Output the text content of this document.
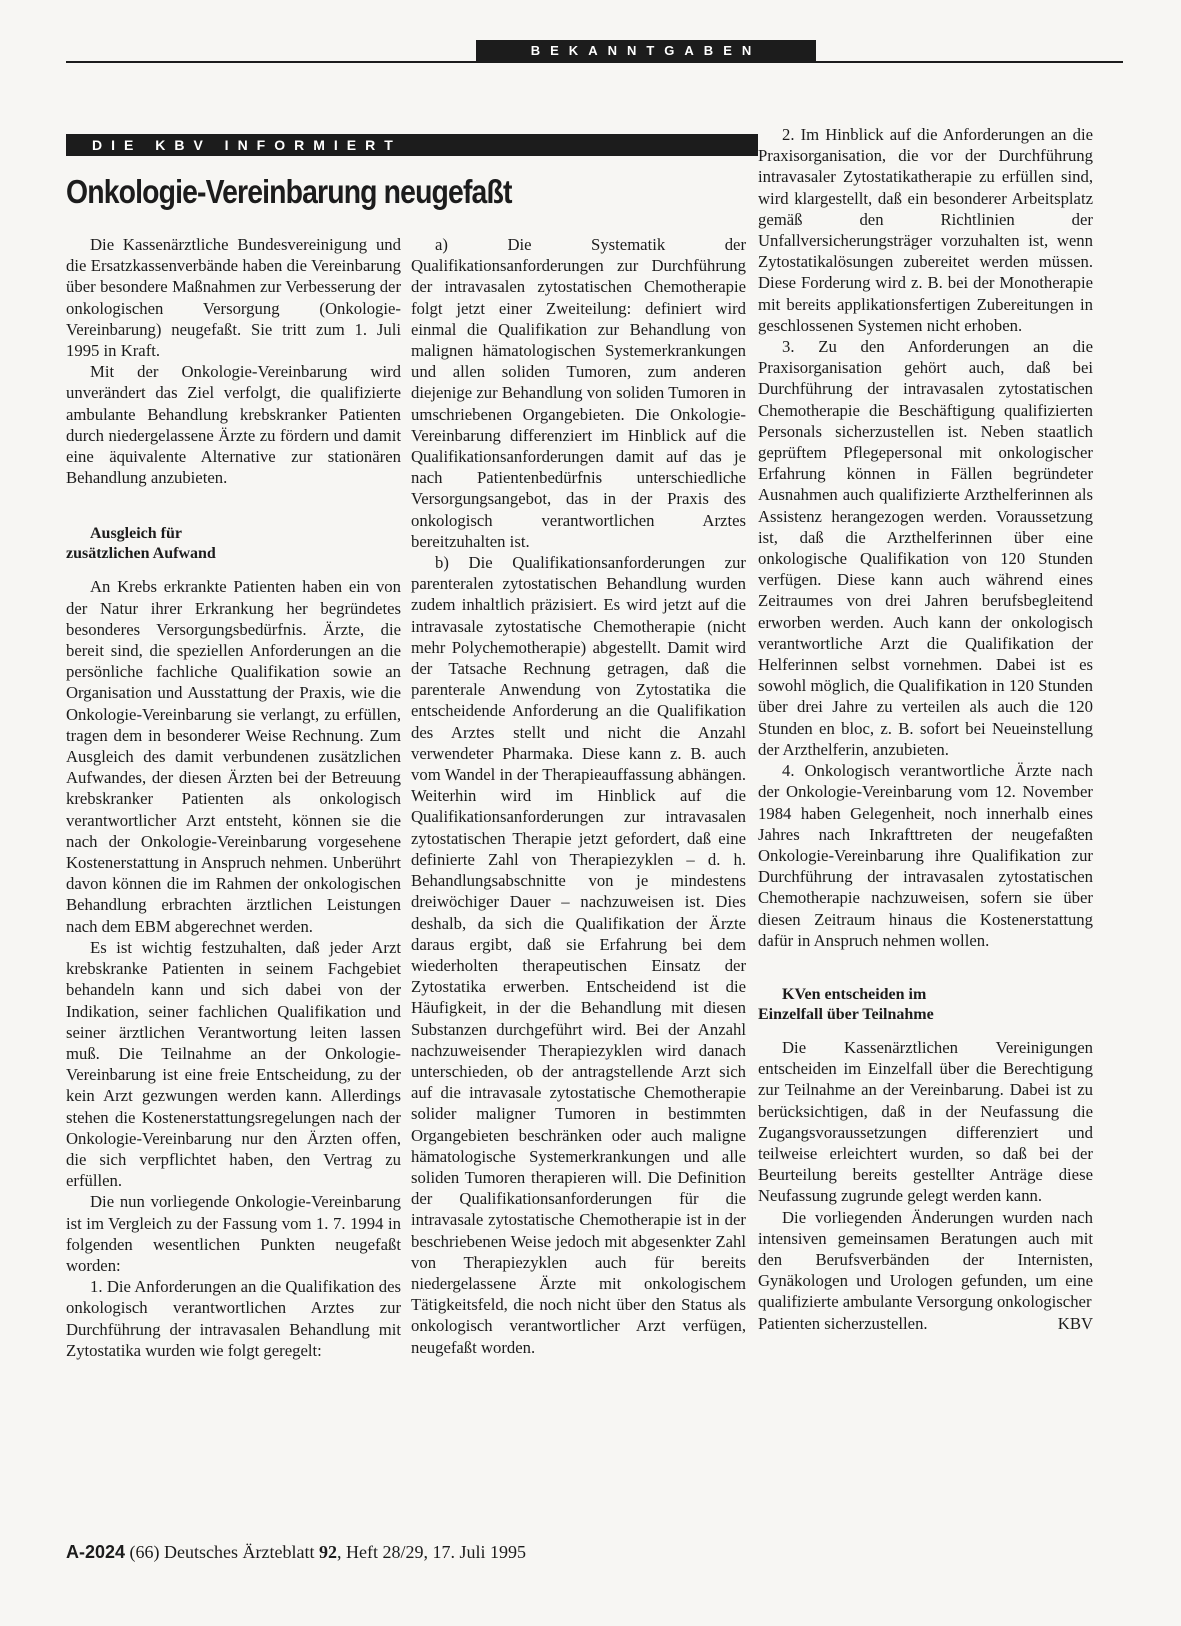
BEKANNTGABEN
DIE KBV INFORMIERT
Onkologie-Vereinbarung neugefaßt

Die Kassenärztliche Bundesvereinigung und die Ersatzkassenverbände haben die Vereinbarung über besondere Maßnahmen zur Verbesserung der onkologischen Versorgung (Onkologie-Vereinbarung) neugefaßt. Sie tritt zum 1. Juli 1995 in Kraft.

Mit der Onkologie-Vereinbarung wird unverändert das Ziel verfolgt, die qualifizierte ambulante Behandlung krebskranker Patienten durch niedergelassene Ärzte zu fördern und damit eine äquivalente Alternative zur stationären Behandlung anzubieten.

Ausgleich für
zusätzlichen Aufwand

An Krebs erkrankte Patienten haben ein von der Natur ihrer Erkrankung her begründetes besonderes Versorgungsbedürfnis. Ärzte, die bereit sind, die speziellen Anforderungen an die persönliche fachliche Qualifikation sowie an Organisation und Ausstattung der Praxis, wie die Onkologie-Vereinbarung sie verlangt, zu erfüllen, tragen dem in besonderer Weise Rechnung. Zum Ausgleich des damit verbundenen zusätzlichen Aufwandes, der diesen Ärzten bei der Betreuung krebskranker Patienten als onkologisch verantwortlicher Arzt entsteht, können sie die nach der Onkologie-Vereinbarung vorgesehene Kostenerstattung in Anspruch nehmen. Unberührt davon können die im Rahmen der onkologischen Behandlung erbrachten ärztlichen Leistungen nach dem EBM abgerechnet werden.

Es ist wichtig festzuhalten, daß jeder Arzt krebskranke Patienten in seinem Fachgebiet behandeln kann und sich dabei von der Indikation, seiner fachlichen Qualifikation und seiner ärztlichen Verantwortung leiten lassen muß. Die Teilnahme an der Onkologie-Vereinbarung ist eine freie Entscheidung, zu der kein Arzt gezwungen werden kann. Allerdings stehen die Kostenerstattungsregelungen nach der Onkologie-Vereinbarung nur den Ärzten offen, die sich verpflichtet haben, den Vertrag zu erfüllen.

Die nun vorliegende Onkologie-Vereinbarung ist im Vergleich zu der Fassung vom 1. 7. 1994 in folgenden wesentlichen Punkten neugefaßt worden:

1. Die Anforderungen an die Qualifikation des onkologisch verantwortlichen Arztes zur Durchführung der intravasalen Behandlung mit Zytostatika wurden wie folgt geregelt:

a) Die Systematik der Qualifikationsanforderungen zur Durchführung der intravasalen zytostatischen Chemotherapie folgt jetzt einer Zweiteilung: definiert wird einmal die Qualifikation zur Behandlung von malignen hämatologischen Systemerkrankungen und allen soliden Tumoren, zum anderen diejenige zur Behandlung von soliden Tumoren in umschriebenen Organgebieten. Die Onkologie-Vereinbarung differenziert im Hinblick auf die Qualifikationsanforderungen damit auf das je nach Patientenbedürfnis unterschiedliche Versorgungsangebot, das in der Praxis des onkologisch verantwortlichen Arztes bereitzuhalten ist.

b) Die Qualifikationsanforderungen zur parenteralen zytostatischen Behandlung wurden zudem inhaltlich präzisiert. Es wird jetzt auf die intravasale zytostatische Chemotherapie (nicht mehr Polychemotherapie) abgestellt. Damit wird der Tatsache Rechnung getragen, daß die parenterale Anwendung von Zytostatika die entscheidende Anforderung an die Qualifikation des Arztes stellt und nicht die Anzahl verwendeter Pharmaka. Diese kann z. B. auch vom Wandel in der Therapieauffassung abhängen. Weiterhin wird im Hinblick auf die Qualifikationsanforderungen zur intravasalen zytostatischen Therapie jetzt gefordert, daß eine definierte Zahl von Therapiezyklen – d. h. Behandlungsabschnitte von je mindestens dreiwöchiger Dauer – nachzuweisen ist. Dies deshalb, da sich die Qualifikation der Ärzte daraus ergibt, daß sie Erfahrung bei dem wiederholten therapeutischen Einsatz der Zytostatika erwerben. Entscheidend ist die Häufigkeit, in der die Behandlung mit diesen Substanzen durchgeführt wird. Bei der Anzahl nachzuweisender Therapiezyklen wird danach unterschieden, ob der antragstellende Arzt sich auf die intravasale zytostatische Chemotherapie solider maligner Tumoren in bestimmten Organgebieten beschränken oder auch maligne hämatologische Systemerkrankungen und alle soliden Tumoren therapieren will. Die Definition der Qualifikationsanforderungen für die intravasale zytostatische Chemotherapie ist in der beschriebenen Weise jedoch mit abgesenkter Zahl von Therapiezyklen auch für bereits niedergelassene Ärzte mit onkologischem Tätigkeitsfeld, die noch nicht über den Status als onkologisch verantwortlicher Arzt verfügen, neugefaßt worden.

2. Im Hinblick auf die Anforderungen an die Praxisorganisation, die vor der Durchführung intravasaler Zytostatikatherapie zu erfüllen sind, wird klargestellt, daß ein besonderer Arbeitsplatz gemäß den Richtlinien der Unfallversicherungsträger vorzuhalten ist, wenn Zytostatikalösungen zubereitet werden müssen. Diese Forderung wird z. B. bei der Monotherapie mit bereits applikationsfertigen Zubereitungen in geschlossenen Systemen nicht erhoben.

3. Zu den Anforderungen an die Praxisorganisation gehört auch, daß bei Durchführung der intravasalen zytostatischen Chemotherapie die Beschäftigung qualifizierten Personals sicherzustellen ist. Neben staatlich geprüftem Pflegepersonal mit onkologischer Erfahrung können in Fällen begründeter Ausnahmen auch qualifizierte Arzthelferinnen als Assistenz herangezogen werden. Voraussetzung ist, daß die Arzthelferinnen über eine onkologische Qualifikation von 120 Stunden verfügen. Diese kann auch während eines Zeitraumes von drei Jahren berufsbegleitend erworben werden. Auch kann der onkologisch verantwortliche Arzt die Qualifikation der Helferinnen selbst vornehmen. Dabei ist es sowohl möglich, die Qualifikation in 120 Stunden über drei Jahre zu verteilen als auch die 120 Stunden en bloc, z. B. sofort bei Neueinstellung der Arzthelferin, anzubieten.

4. Onkologisch verantwortliche Ärzte nach der Onkologie-Vereinbarung vom 12. November 1984 haben Gelegenheit, noch innerhalb eines Jahres nach Inkrafttreten der neugefaßten Onkologie-Vereinbarung ihre Qualifikation zur Durchführung der intravasalen zytostatischen Chemotherapie nachzuweisen, sofern sie über diesen Zeitraum hinaus die Kostenerstattung dafür in Anspruch nehmen wollen.

KVen entscheiden im
Einzelfall über Teilnahme

Die Kassenärztlichen Vereinigungen entscheiden im Einzelfall über die Berechtigung zur Teilnahme an der Vereinbarung. Dabei ist zu berücksichtigen, daß in der Neufassung die Zugangsvoraussetzungen differenziert und teilweise erleichtert wurden, so daß bei der Beurteilung bereits gestellter Anträge diese Neufassung zugrunde gelegt werden kann.

Die vorliegenden Änderungen wurden nach intensiven gemeinsamen Beratungen auch mit den Berufsverbänden der Internisten, Gynäkologen und Urologen gefunden, um eine qualifizierte ambulante Versorgung onkologischer

Patienten sicherzustellen.	KBV
A-2024 (66) Deutsches Ärzteblatt 92, Heft 28/29, 17. Juli 1995
